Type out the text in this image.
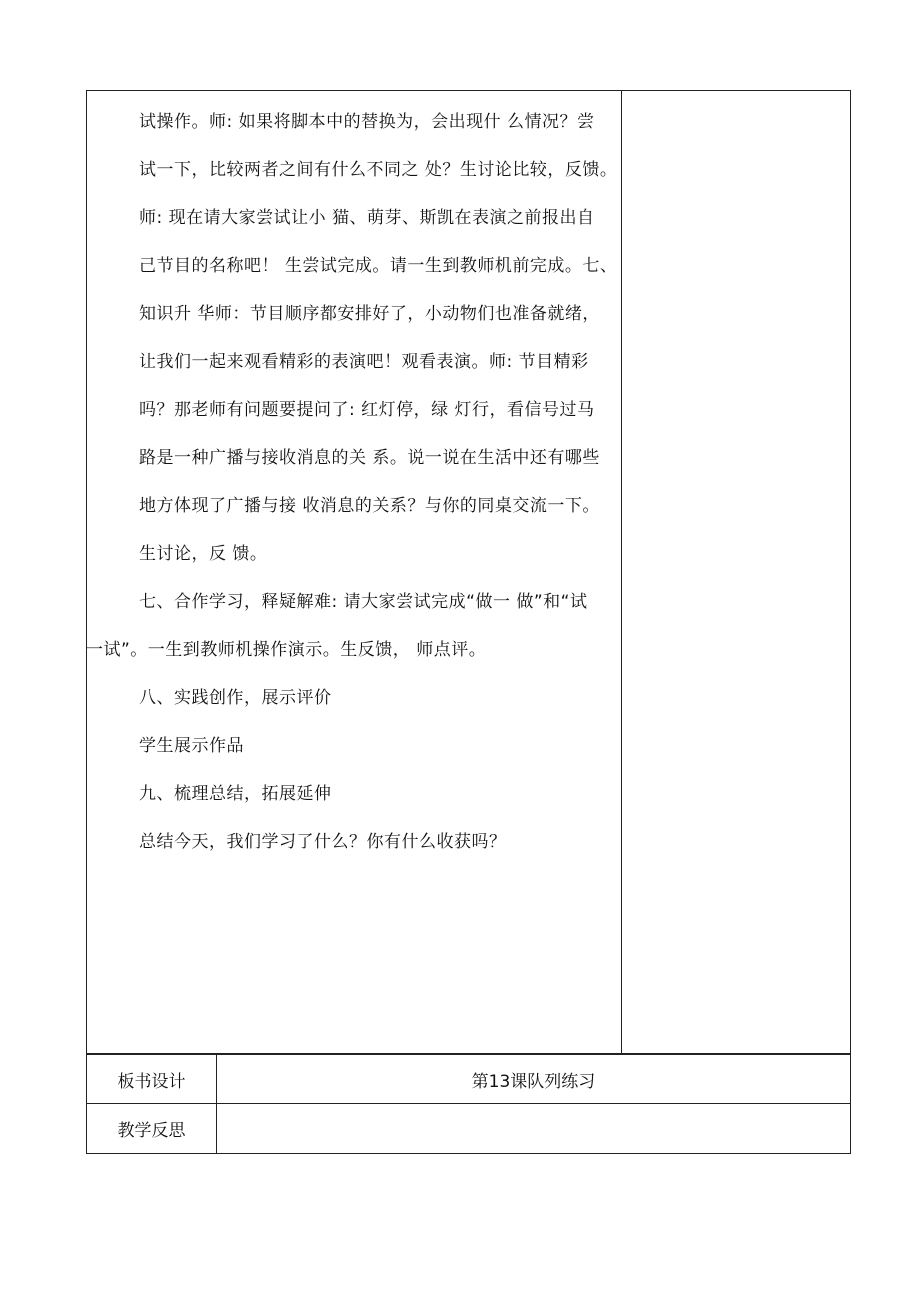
试操作。师: 如果将脚本中的替换为，会出现什 么情况？尝
试一下，比较两者之间有什么不同之 处？生讨论比较，反馈。
师: 现在请大家尝试让小 猫、萌芽、斯凯在表演之前报出自
己节目的名称吧！ 生尝试完成。请一生到教师机前完成。七、
知识升 华师：节目顺序都安排好了，小动物们也准备就绪，
让我们一起来观看精彩的表演吧！观看表演。师: 节目精彩
吗？那老师有问题要提问了: 红灯停，绿 灯行，看信号过马
路是一种广播与接收消息的关 系。说一说在生活中还有哪些
地方体现了广播与接 收消息的关系？与你的同桌交流一下。
生讨论，反 馈。
七、合作学习，释疑解难: 请大家尝试完成“做一 做”和“试
一试”。一生到教师机操作演示。生反馈， 师点评。
八、实践创作，展示评价
学生展示作品
九、梳理总结，拓展延伸
总结今天，我们学习了什么？你有什么收获吗？
板书设计	第13课队列练习
教学反思
